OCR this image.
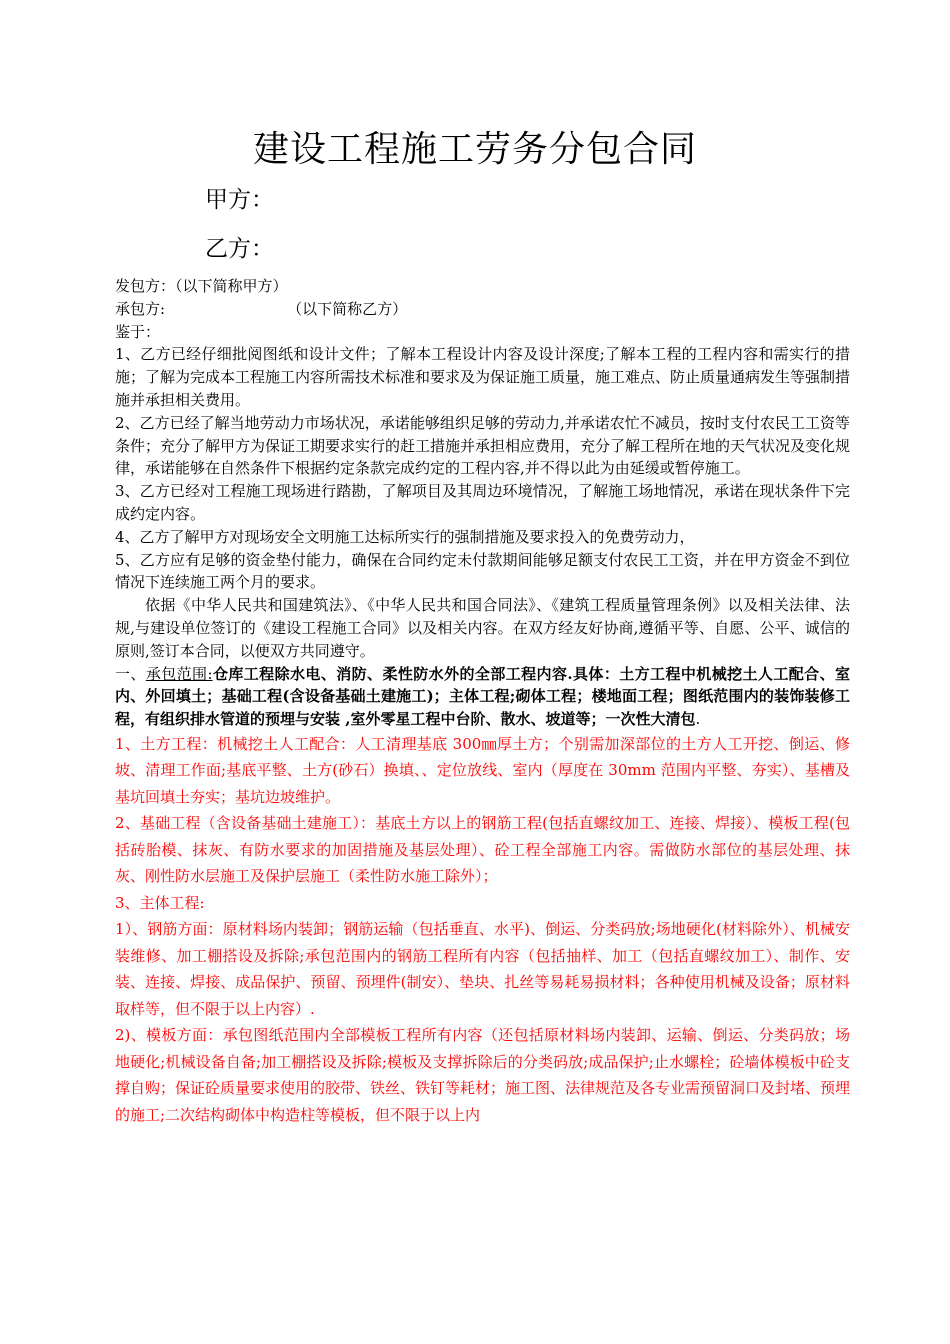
建设工程施工劳务分包合同
甲方：
乙方：

发包方：（以下简称甲方）

承包方:	（以下简称乙方）

鉴于：

1、乙方已经仔细批阅图纸和设计文件；了解本工程设计内容及设计深度;了解本工程的工程内容和需实行的措施；了解为完成本工程施工内容所需技术标准和要求及为保证施工质量，施工难点、防止质量通病发生等强制措施并承担相关费用。

2、乙方已经了解当地劳动力市场状况，承诺能够组织足够的劳动力,并承诺农忙不减员，按时支付农民工工资等条件；充分了解甲方为保证工期要求实行的赶工措施并承担相应费用，充分了解工程所在地的天气状况及变化规律，承诺能够在自然条件下根据约定条款完成约定的工程内容,并不得以此为由延缓或暂停施工。

3、乙方已经对工程施工现场进行踏勘，了解项目及其周边环境情况，了解施工场地情况，承诺在现状条件下完成约定内容。

4、乙方了解甲方对现场安全文明施工达标所实行的强制措施及要求投入的免费劳动力，

5、乙方应有足够的资金垫付能力，确保在合同约定未付款期间能够足额支付农民工工资，并在甲方资金不到位情况下连续施工两个月的要求。

依据《中华人民共和国建筑法》、《中华人民共和国合同法》、《建筑工程质量管理条例》以及相关法律、法规,与建设单位签订的《建设工程施工合同》以及相关内容。在双方经友好协商,遵循平等、自愿、公平、诚信的原则,签订本合同，以便双方共同遵守。

一、承包范围:仓库工程除水电、消防、柔性防水外的全部工程内容.具体：土方工程中机械挖土人工配合、室内、外回填土；基础工程(含设备基础土建施工)；主体工程;砌体工程；楼地面工程；图纸范围内的装饰装修工程，有组织排水管道的预埋与安装 ,室外零星工程中台阶、散水、坡道等；一次性大清包.

1、土方工程：机械挖土人工配合：人工清理基底 300㎜厚土方；个别需加深部位的土方人工开挖、倒运、修坡、清理工作面;基底平整、土方(砂石）换填、、定位放线、室内（厚度在 30mm 范围内平整、夯实）、基槽及基坑回填土夯实；基坑边坡维护。

2、基础工程（含设备基础土建施工）：基底土方以上的钢筋工程(包括直螺纹加工、连接、焊接）、模板工程(包括砖胎模、抹灰、有防水要求的加固措施及基层处理）、砼工程全部施工内容。需做防水部位的基层处理、抹灰、刚性防水层施工及保护层施工（柔性防水施工除外）；

3、主体工程:

1）、钢筋方面：原材料场内装卸；钢筋运输（包括垂直、水平)、倒运、分类码放;场地硬化(材料除外）、机械安装维修、加工棚搭设及拆除;承包范围内的钢筋工程所有内容（包括抽样、加工（包括直螺纹加工）、制作、安装、连接、焊接、成品保护、预留、预埋件(制安）、垫块、扎丝等易耗易损材料；各种使用机械及设备；原材料取样等，但不限于以上内容）.

2)、模板方面：承包图纸范围内全部模板工程所有内容（还包括原材料场内装卸、运输、倒运、分类码放；场地硬化;机械设备自备;加工棚搭设及拆除;模板及支撑拆除后的分类码放;成品保护;止水螺栓；砼墙体模板中砼支撑自购；保证砼质量要求使用的胶带、铁丝、铁钉等耗材；施工图、法律规范及各专业需预留洞口及封堵、预埋的施工;二次结构砌体中构造柱等模板，但不限于以上内
